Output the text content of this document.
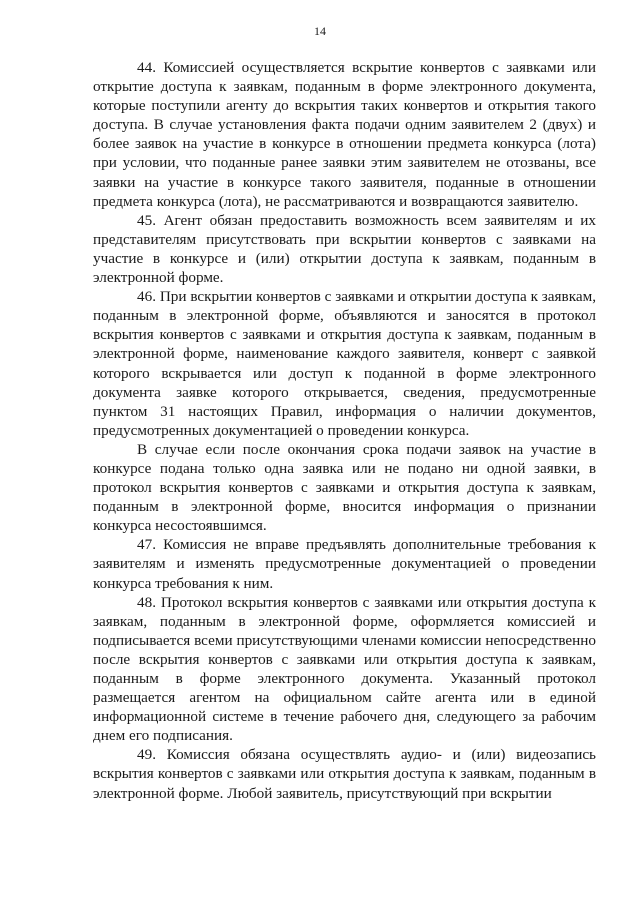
14

44. Комиссией осуществляется вскрытие конвертов с заявками или открытие доступа к заявкам, поданным в форме электронного документа, которые поступили агенту до вскрытия таких конвертов и открытия такого доступа. В случае установления факта подачи одним заявителем 2 (двух) и более заявок на участие в конкурсе в отношении предмета конкурса (лота) при условии, что поданные ранее заявки этим заявителем не отозваны, все заявки на участие в конкурсе такого заявителя, поданные в отношении предмета конкурса (лота), не рассматриваются и возвращаются заявителю.

45. Агент обязан предоставить возможность всем заявителям и их представителям присутствовать при вскрытии конвертов с заявками на участие в конкурсе и (или) открытии доступа к заявкам, поданным в электронной форме.

46. При вскрытии конвертов с заявками и открытии доступа к заявкам, поданным в электронной форме, объявляются и заносятся в протокол вскрытия конвертов с заявками и открытия доступа к заявкам, поданным в электронной форме, наименование каждого заявителя, конверт с заявкой которого вскрывается или доступ к поданной в форме электронного документа заявке которого открывается, сведения, предусмотренные пунктом 31 настоящих Правил, информация о наличии документов, предусмотренных документацией о проведении конкурса.

В случае если после окончания срока подачи заявок на участие в конкурсе подана только одна заявка или не подано ни одной заявки, в протокол вскрытия конвертов с заявками и открытия доступа к заявкам, поданным в электронной форме, вносится информация о признании конкурса несостоявшимся.

47. Комиссия не вправе предъявлять дополнительные требования к заявителям и изменять предусмотренные документацией о проведении конкурса требования к ним.

48. Протокол вскрытия конвертов с заявками или открытия доступа к заявкам, поданным в электронной форме, оформляется комиссией и подписывается всеми присутствующими членами комиссии непосредственно после вскрытия конвертов с заявками или открытия доступа к заявкам, поданным в форме электронного документа. Указанный протокол размещается агентом на официальном сайте агента или в единой информационной системе в течение рабочего дня, следующего за рабочим днем его подписания.

49. Комиссия обязана осуществлять аудио- и (или) видеозапись вскрытия конвертов с заявками или открытия доступа к заявкам, поданным в электронной форме. Любой заявитель, присутствующий при вскрытии
